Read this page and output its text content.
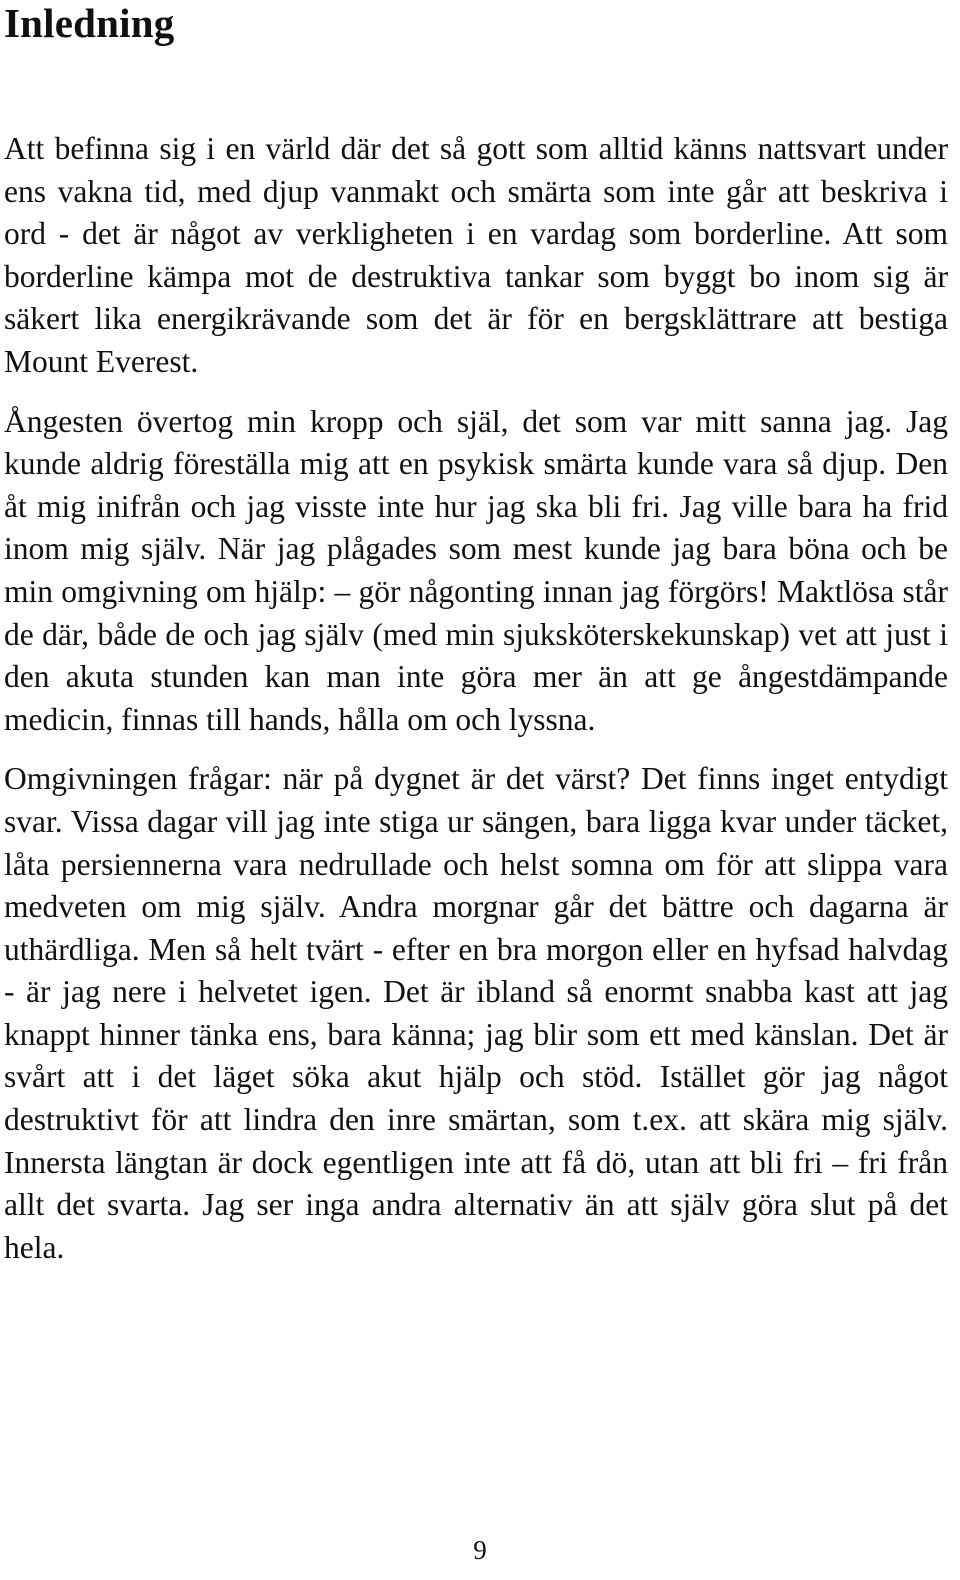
Inledning

Att befinna sig i en värld där det så gott som alltid känns nattsvart under ens vakna tid, med djup vanmakt och smärta som inte går att beskriva i ord - det är något av verkligheten i en vardag som borderline. Att som borderline kämpa mot de destruktiva tankar som byggt bo inom sig är säkert lika energikrävande som det är för en bergsklättrare att bestiga Mount Everest.

Ångesten övertog min kropp och själ, det som var mitt sanna jag. Jag kunde aldrig föreställa mig att en psykisk smärta kunde vara så djup. Den åt mig inifrån och jag visste inte hur jag ska bli fri. Jag ville bara ha frid inom mig själv. När jag plågades som mest kunde jag bara böna och be min omgivning om hjälp: – gör någonting innan jag förgörs! Maktlösa står de där, både de och jag själv (med min sjuksköterskekunskap) vet att just i den akuta stunden kan man inte göra mer än att ge ångestdämpande medicin, finnas till hands, hålla om och lyssna.

Omgivningen frågar: när på dygnet är det värst? Det finns inget entydigt svar. Vissa dagar vill jag inte stiga ur sängen, bara ligga kvar under täcket, låta persiennerna vara nedrullade och helst somna om för att slippa vara medveten om mig själv. Andra morgnar går det bättre och dagarna är uthärdliga. Men så helt tvärt - efter en bra morgon eller en hyfsad halvdag - är jag nere i helvetet igen. Det är ibland så enormt snabba kast att jag knappt hinner tänka ens, bara känna; jag blir som ett med känslan. Det är svårt att i det läget söka akut hjälp och stöd. Istället gör jag något destruktivt för att lindra den inre smärtan, som t.ex. att skära mig själv. Innersta längtan är dock egentligen inte att få dö, utan att bli fri – fri från allt det svarta. Jag ser inga andra alternativ än att själv göra slut på det hela.

9
